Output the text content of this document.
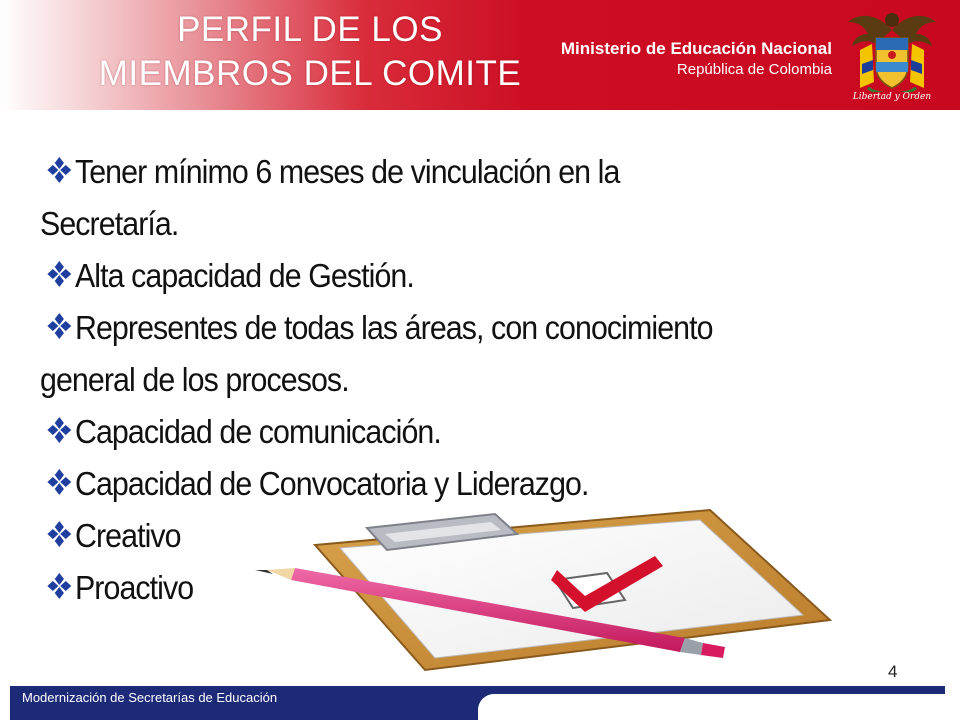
PERFIL DE LOS
MIEMBROS DEL COMITE
Ministerio de Educación Nacional
República de Colombia
Libertad y Orden
Tener mínimo 6 meses de vinculación en la
Secretaría.
Alta capacidad de Gestión.
Representes de todas las áreas, con conocimiento
general de los procesos.
Capacidad de comunicación.
Capacidad de Convocatoria y Liderazgo.
Creativo
Proactivo
4
Modernización de Secretarías de Educación
